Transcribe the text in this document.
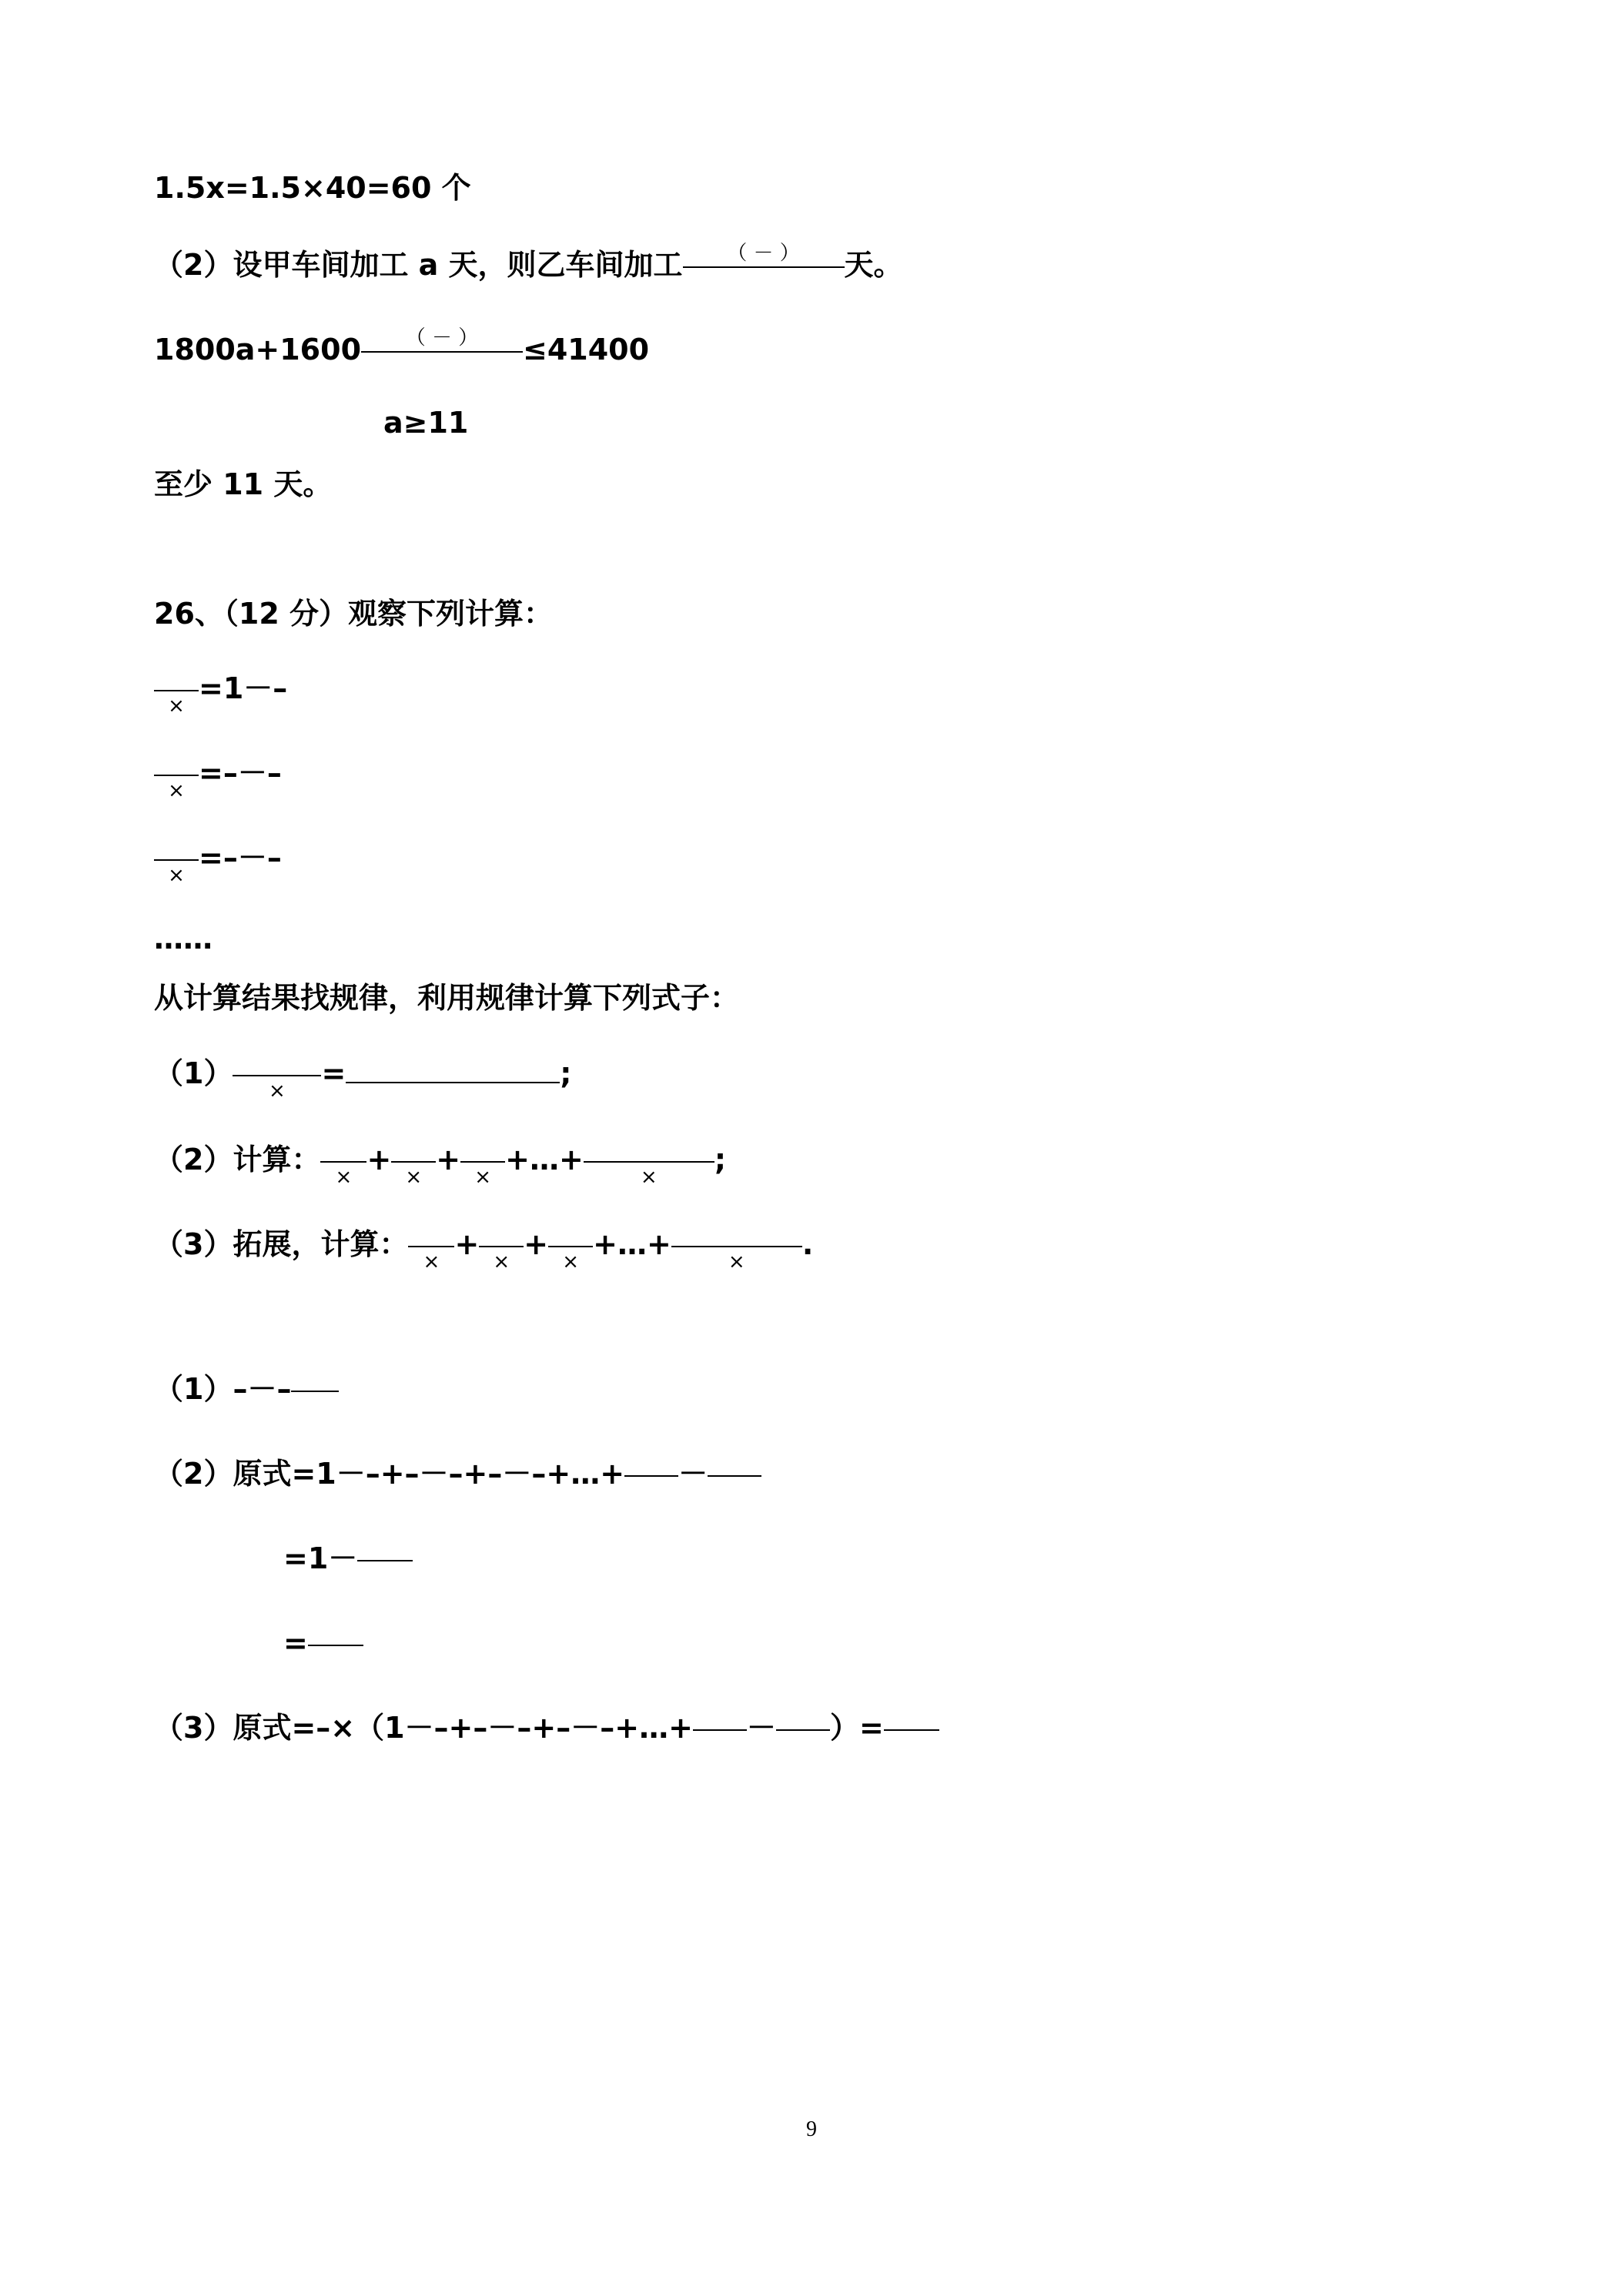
1.5x=1.5×40=60 个
（2）设甲车间加工 a 天，则乙车间加工	（ － ）	天。
1800a+1600	（ － ）	≤41400
a≥11
至少 11 天。
26、（12 分）观察下列计算：
×
=1－–
×
=–－–
×
=–－–
……
从计算结果找规律，利用规律计算下列式子：
（1）
×
=	;
（2）计算：
×
+
×
+
×
+…+
×
;
（3）拓展，计算：
×
+
×
+
×
+…+
×
.
（1）–－–
（2）原式=1－–+–－–+–－–+…+ －
=1－
=
（3）原式=–×（1－–+–－–+–－–+…+ － ）=
9
